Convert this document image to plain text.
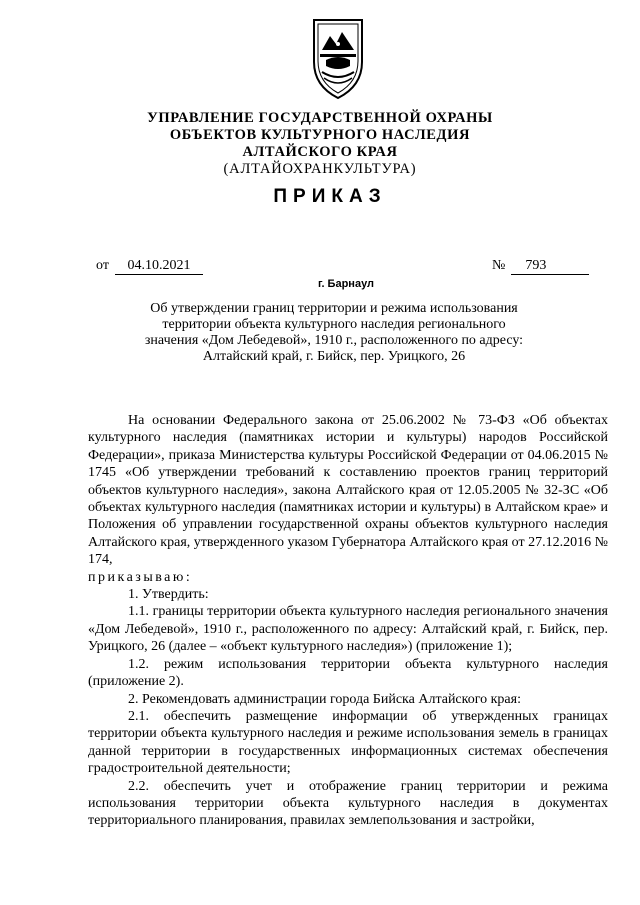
УПРАВЛЕНИЕ ГОСУДАРСТВЕННОЙ ОХРАНЫ
ОБЪЕКТОВ КУЛЬТУРНОГО НАСЛЕДИЯ
АЛТАЙСКОГО КРАЯ
(АЛТАЙОХРАНКУЛЬТУРА)
ПРИКАЗ
от 04.10.2021	№ 793
г. Барнаул
Об утверждении границ территории и режима использования
территории объекта культурного наследия регионального
значения «Дом Лебедевой», 1910 г., расположенного по адресу:
Алтайский край, г. Бийск, пер. Урицкого, 26

На основании Федерального закона от 25.06.2002 № 73-ФЗ «Об объектах культурного наследия (памятниках истории и культуры) народов Российской Федерации», приказа Министерства культуры Российской Федерации от 04.06.2015 № 1745 «Об утверждении требований к составлению проектов границ территорий объектов культурного наследия», закона Алтайского края от 12.05.2005 № 32-ЗС «Об объектах культурного наследия (памятниках истории и культуры) в Алтайском крае» и Положения об управлении государственной охраны объектов культурного наследия Алтайского края, утвержденного указом Губернатора Алтайского края от 27.12.2016 № 174,

приказываю:

1. Утвердить:

1.1. границы территории объекта культурного наследия регионального значения «Дом Лебедевой», 1910 г., расположенного по адресу: Алтайский край, г. Бийск, пер. Урицкого, 26 (далее – «объект культурного наследия») (приложение 1);

1.2. режим использования территории объекта культурного наследия (приложение 2).

2. Рекомендовать администрации города Бийска Алтайского края:

2.1. обеспечить размещение информации об утвержденных границах территории объекта культурного наследия и режиме использования земель в границах данной территории в государственных информационных системах обеспечения градостроительной деятельности;

2.2. обеспечить учет и отображение границ территории и режима использования территории объекта культурного наследия в документах территориального планирования, правилах землепользования и застройки,
